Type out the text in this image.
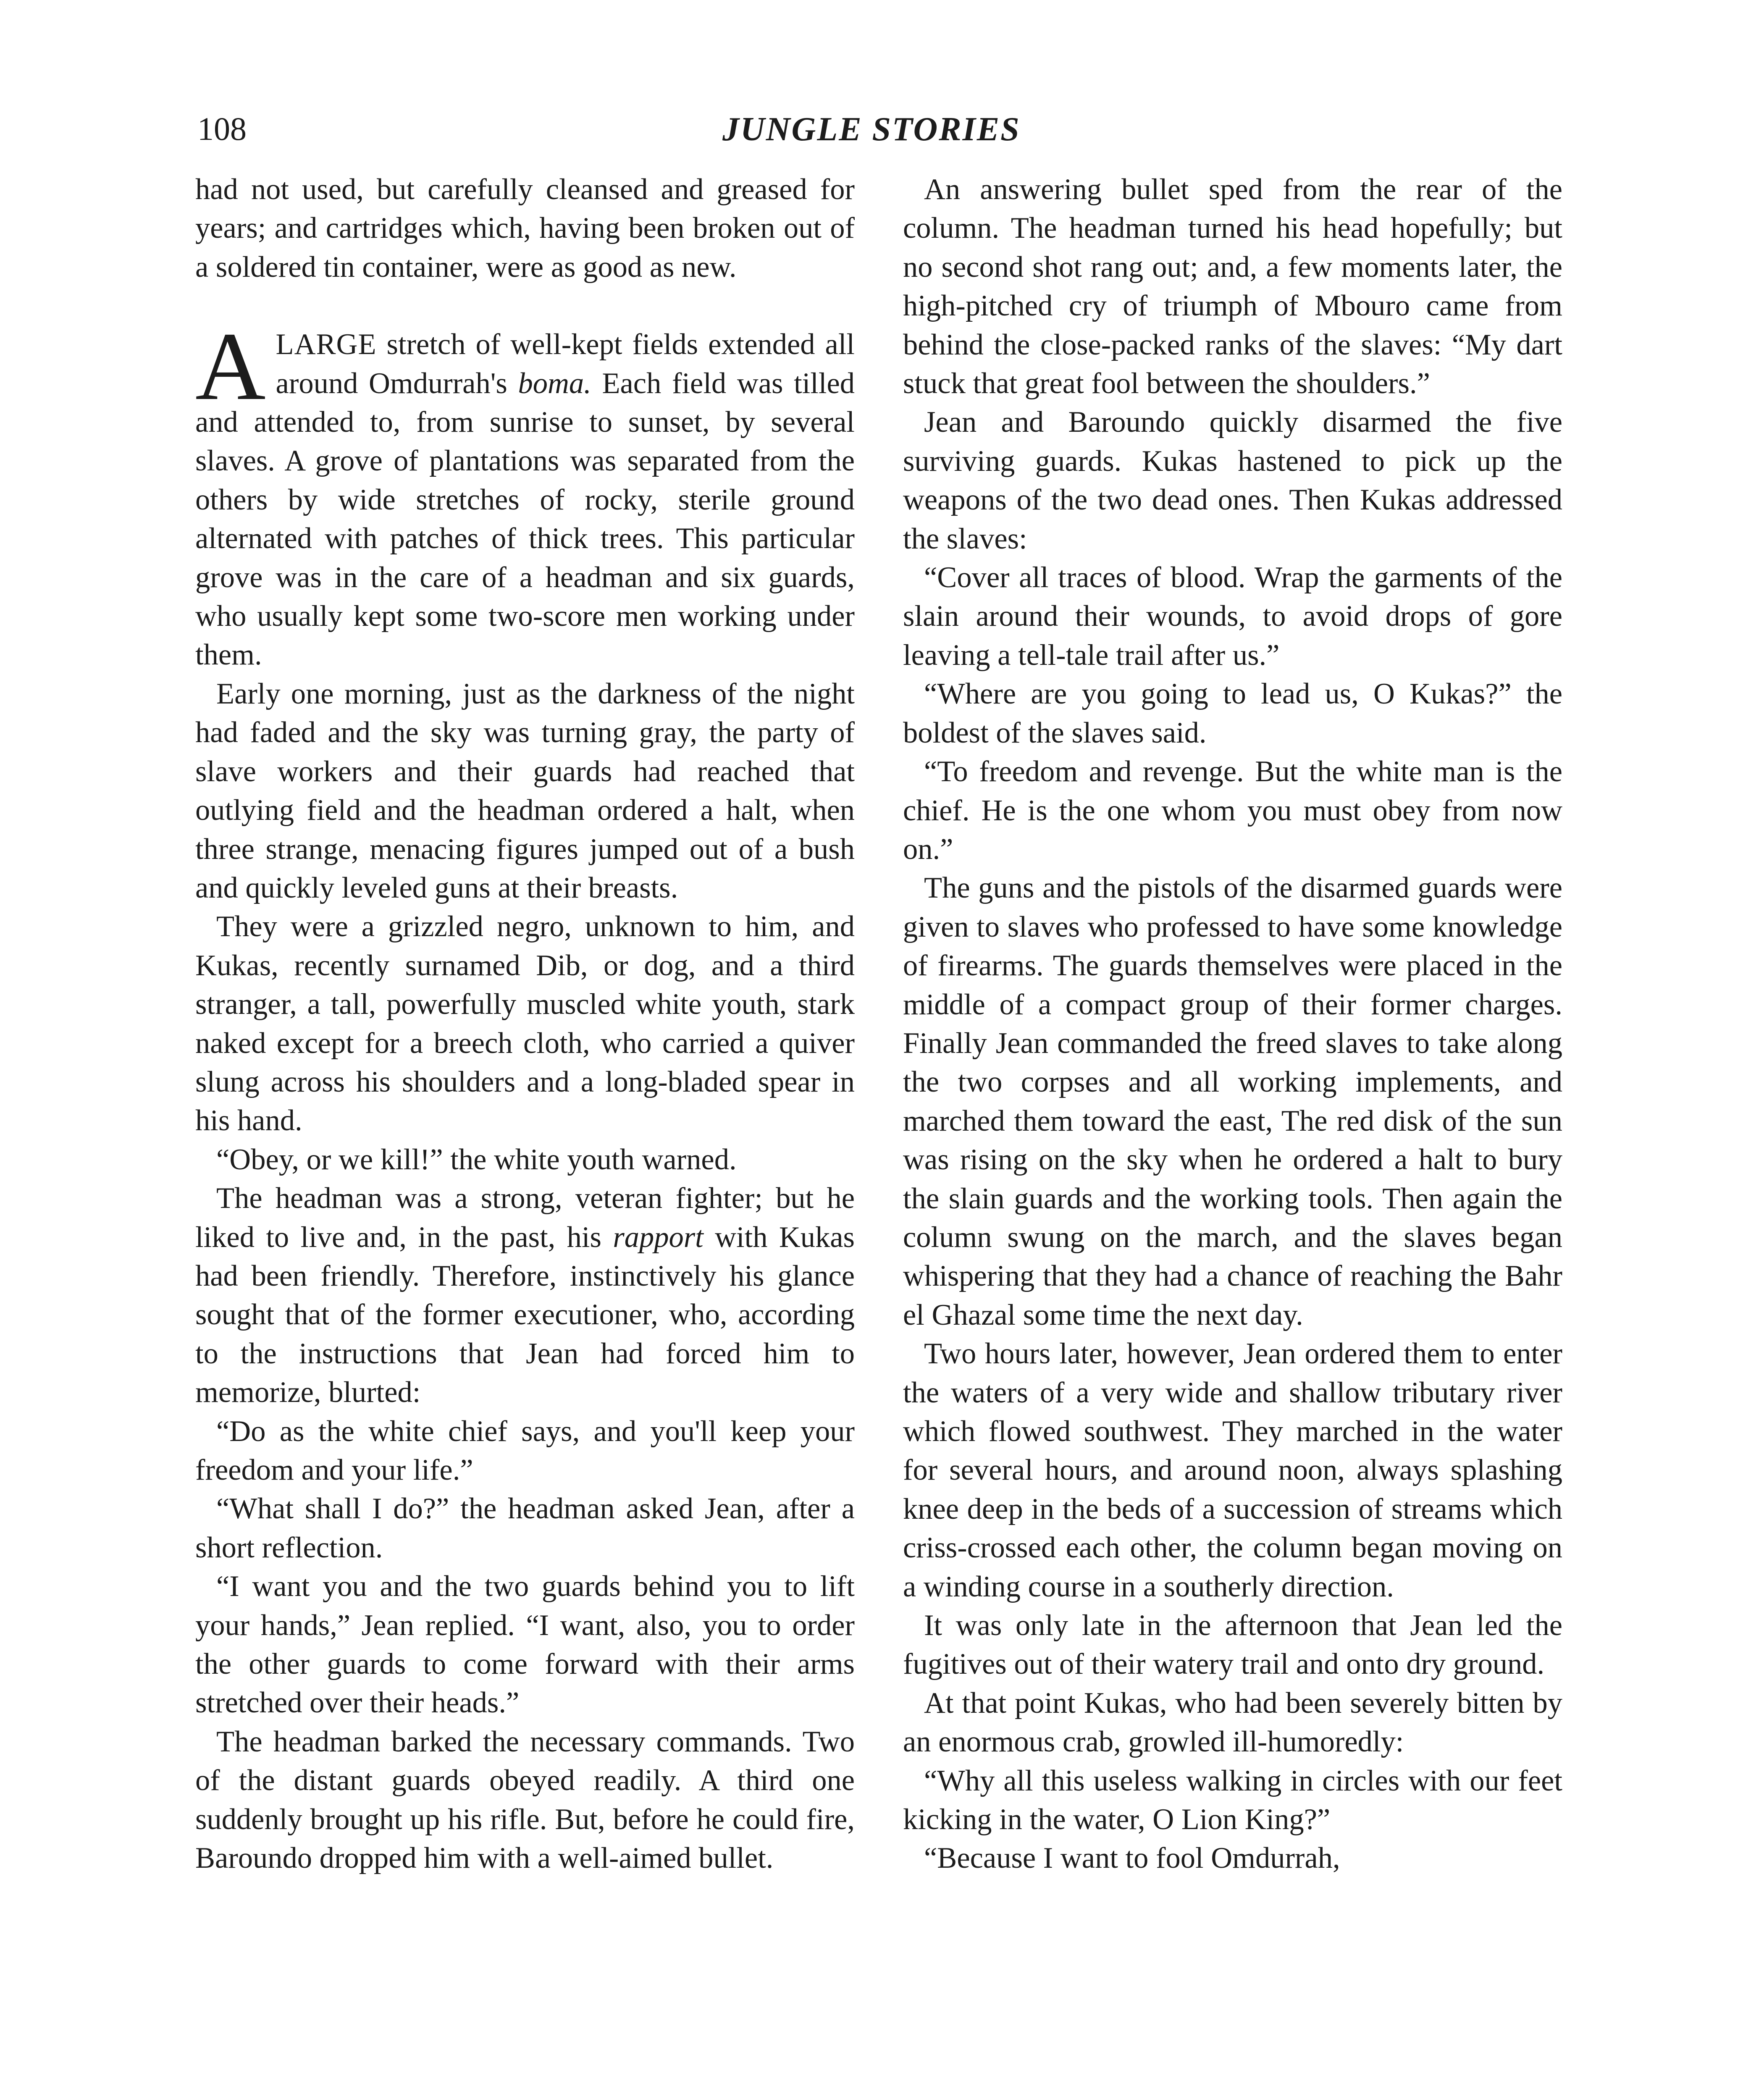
108	JUNGLE STORIES

had not used, but carefully cleansed and greased for years; and cartridges which, having been broken out of a soldered tin container, were as good as new.

ALARGE stretch of well-kept fields extended all around Omdurrah's boma. Each field was tilled and attended to, from sunrise to sunset, by several slaves. A grove of plantations was separated from the others by wide stretches of rocky, sterile ground alternated with patches of thick trees. This particular grove was in the care of a headman and six guards, who usually kept some two-score men working under them.

Early one morning, just as the darkness of the night had faded and the sky was turning gray, the party of slave workers and their guards had reached that outlying field and the headman ordered a halt, when three strange, menacing figures jumped out of a bush and quickly leveled guns at their breasts.

They were a grizzled negro, unknown to him, and Kukas, recently surnamed Dib, or dog, and a third stranger, a tall, powerfully muscled white youth, stark naked except for a breech cloth, who carried a quiver slung across his shoulders and a long-bladed spear in his hand.

“Obey, or we kill!” the white youth warned.

The headman was a strong, veteran fighter; but he liked to live and, in the past, his rapport with Kukas had been friendly. Therefore, instinctively his glance sought that of the former executioner, who, according to the instructions that Jean had forced him to memorize, blurted:

“Do as the white chief says, and you'll keep your freedom and your life.”

“What shall I do?” the headman asked Jean, after a short reflection.

“I want you and the two guards behind you to lift your hands,” Jean replied. “I want, also, you to order the other guards to come forward with their arms stretched over their heads.”

The headman barked the necessary commands. Two of the distant guards obeyed readily. A third one suddenly brought up his rifle. But, before he could fire, Baroundo dropped him with a well-aimed bullet.

An answering bullet sped from the rear of the column. The headman turned his head hopefully; but no second shot rang out; and, a few moments later, the high-pitched cry of triumph of Mbouro came from behind the close-packed ranks of the slaves: “My dart stuck that great fool between the shoulders.”

Jean and Baroundo quickly disarmed the five surviving guards. Kukas hastened to pick up the weapons of the two dead ones. Then Kukas addressed the slaves:

“Cover all traces of blood. Wrap the garments of the slain around their wounds, to avoid drops of gore leaving a tell-tale trail after us.”

“Where are you going to lead us, O Kukas?” the boldest of the slaves said.

“To freedom and revenge. But the white man is the chief. He is the one whom you must obey from now on.”

The guns and the pistols of the disarmed guards were given to slaves who professed to have some knowledge of firearms. The guards themselves were placed in the middle of a compact group of their former charges. Finally Jean commanded the freed slaves to take along the two corpses and all working implements, and marched them toward the east, The red disk of the sun was rising on the sky when he ordered a halt to bury the slain guards and the working tools. Then again the column swung on the march, and the slaves began whispering that they had a chance of reaching the Bahr el Ghazal some time the next day.

Two hours later, however, Jean ordered them to enter the waters of a very wide and shallow tributary river which flowed southwest. They marched in the water for several hours, and around noon, always splashing knee deep in the beds of a succession of streams which criss-crossed each other, the column began moving on a winding course in a southerly direction.

It was only late in the afternoon that Jean led the fugitives out of their watery trail and onto dry ground.

At that point Kukas, who had been severely bitten by an enormous crab, growled ill-humoredly:

“Why all this useless walking in circles with our feet kicking in the water, O Lion King?”

“Because I want to fool Omdurrah,
